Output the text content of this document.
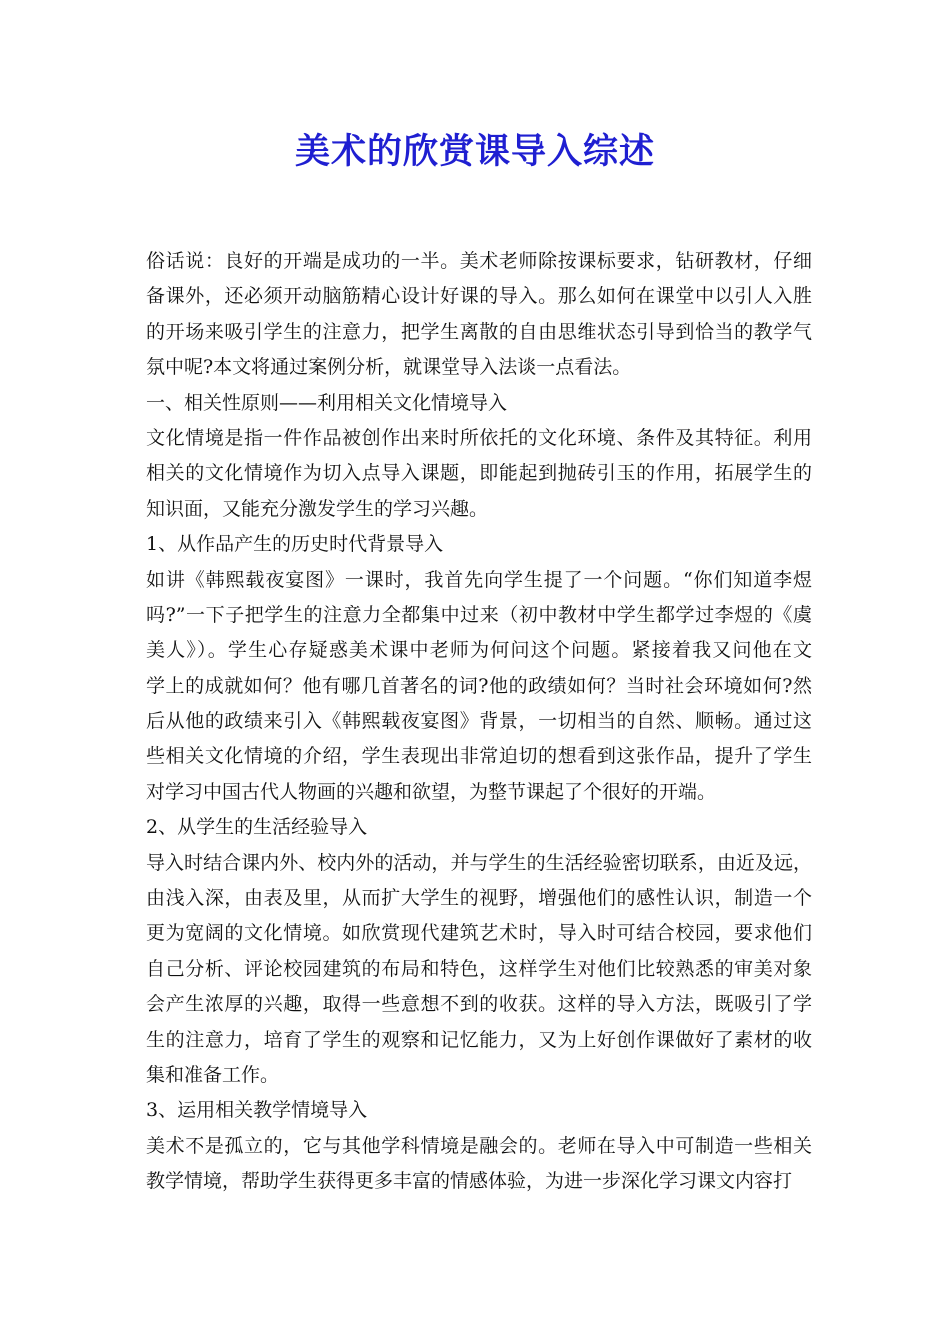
美术的欣赏课导入综述
俗话说：良好的开端是成功的一半。美术老师除按课标要求，钻研教材，仔细
备课外，还必须开动脑筋精心设计好课的导入。那么如何在课堂中以引人入胜
的开场来吸引学生的注意力，把学生离散的自由思维状态引导到恰当的教学气
氛中呢?本文将通过案例分析，就课堂导入法谈一点看法。
一、相关性原则——利用相关文化情境导入
文化情境是指一件作品被创作出来时所依托的文化环境、条件及其特征。利用
相关的文化情境作为切入点导入课题，即能起到抛砖引玉的作用，拓展学生的
知识面，又能充分激发学生的学习兴趣。
1、从作品产生的历史时代背景导入
如讲《韩熙载夜宴图》一课时，我首先向学生提了一个问题。“你们知道李煜
吗?”一下子把学生的注意力全都集中过来（初中教材中学生都学过李煜的《虞
美人》）。学生心存疑惑美术课中老师为何问这个问题。紧接着我又问他在文
学上的成就如何？他有哪几首著名的词?他的政绩如何？当时社会环境如何?然
后从他的政绩来引入《韩熙载夜宴图》背景，一切相当的自然、顺畅。通过这
些相关文化情境的介绍，学生表现出非常迫切的想看到这张作品，提升了学生
对学习中国古代人物画的兴趣和欲望，为整节课起了个很好的开端。
2、从学生的生活经验导入
导入时结合课内外、校内外的活动，并与学生的生活经验密切联系，由近及远，
由浅入深，由表及里，从而扩大学生的视野，增强他们的感性认识，制造一个
更为宽阔的文化情境。如欣赏现代建筑艺术时，导入时可结合校园，要求他们
自己分析、评论校园建筑的布局和特色，这样学生对他们比较熟悉的审美对象
会产生浓厚的兴趣，取得一些意想不到的收获。这样的导入方法，既吸引了学
生的注意力，培育了学生的观察和记忆能力，又为上好创作课做好了素材的收
集和准备工作。
3、运用相关教学情境导入
美术不是孤立的，它与其他学科情境是融会的。老师在导入中可制造一些相关
教学情境，帮助学生获得更多丰富的情感体验，为进一步深化学习课文内容打
